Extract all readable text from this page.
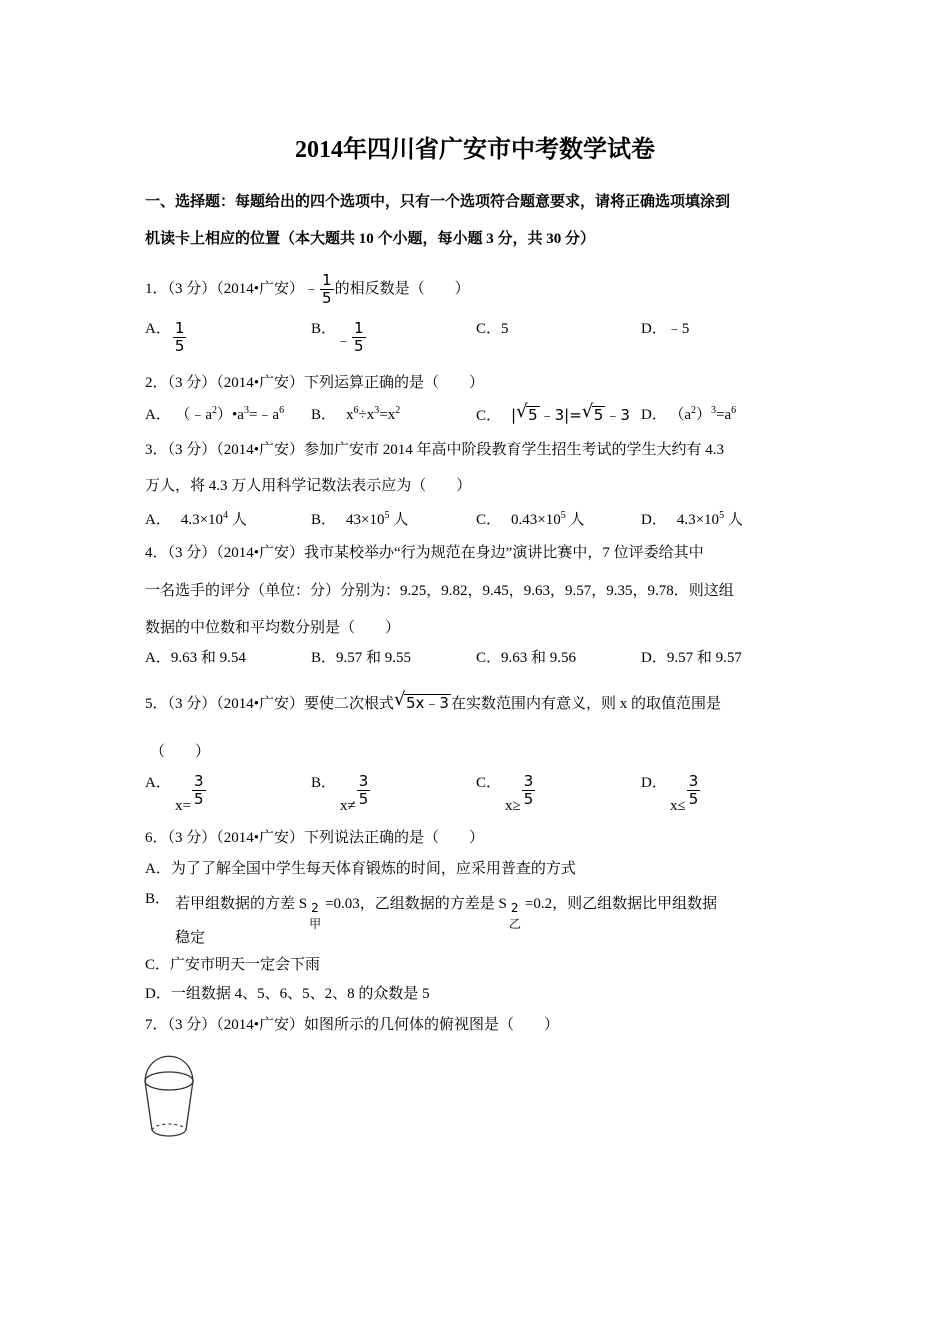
2014年四川省广安市中考数学试卷
一、选择题：每题给出的四个选项中，只有一个选项符合题意要求，请将正确选项填涂到
机读卡上相应的位置（本大题共 10 个小题，每小题 3 分，共 30 分）
1．（3 分）（2014•广安）﹣ $\frac{1}{5}$ 的相反数是（　　）
A． $\frac{1}{5}$	B．﹣ $\frac{1}{5}$	C．5	D．﹣5
2．（3 分）（2014•广安）下列运算正确的是（　　）
A． $(﹣a^2)•a^3=﹣a^6$ B． $x^6\div x^3=x^2$	C． | √ 5 ﹣3|= √ 5 ﹣3 D． $(a^2)^3=a^6$
3．（3 分）（2014•广安）参加广安市 2014 年高中阶段教育学生招生考试的学生大约有 4.3
万人，将 4.3 万人用科学记数法表示应为（　　）
A． $4.3\times 10^4$ 人	B． $43\times 10^5$ 人	C． $0.43\times 10^5$ 人	D． $4.3\times 10^5$ 人
4．（3 分）（2014•广安）我市某校举办“行为规范在身边”演讲比赛中，7 位评委给其中
一名选手的评分（单位：分）分别为：9.25，9.82，9.45，9.63，9.57，9.35，9.78．则这组
数据的中位数和平均数分别是（　　）
A．9.63 和 9.54	B．9.57 和 9.55	C．9.63 和 9.56	D．9.57 和 9.57
5．（3 分）（2014•广安）要使二次根式 √ 5x﹣3 在实数范围内有意义，则 x 的取值范围是
（　　）
A．
$x= \frac{3}{5}$	B．
$x\ne \frac{3}{5}$	C．
$x\ge \frac{3}{5}$	D．
$x\le \frac{3}{5}$
6．（3 分）（2014•广安）下列说法正确的是（　　）
A．为了了解全国中学生每天体育锻炼的时间，应采用普查的方式
B． 若甲组数据的方差 S 2
甲
=0.03，乙组数据的方差是 S 2
乙
=0.2，则乙组数据比甲组数据
稳定
C．广安市明天一定会下雨
D．一组数据 4、5、6、5、2、8 的众数是 5
7．（3 分）（2014•广安）如图所示的几何体的俯视图是（　　）
